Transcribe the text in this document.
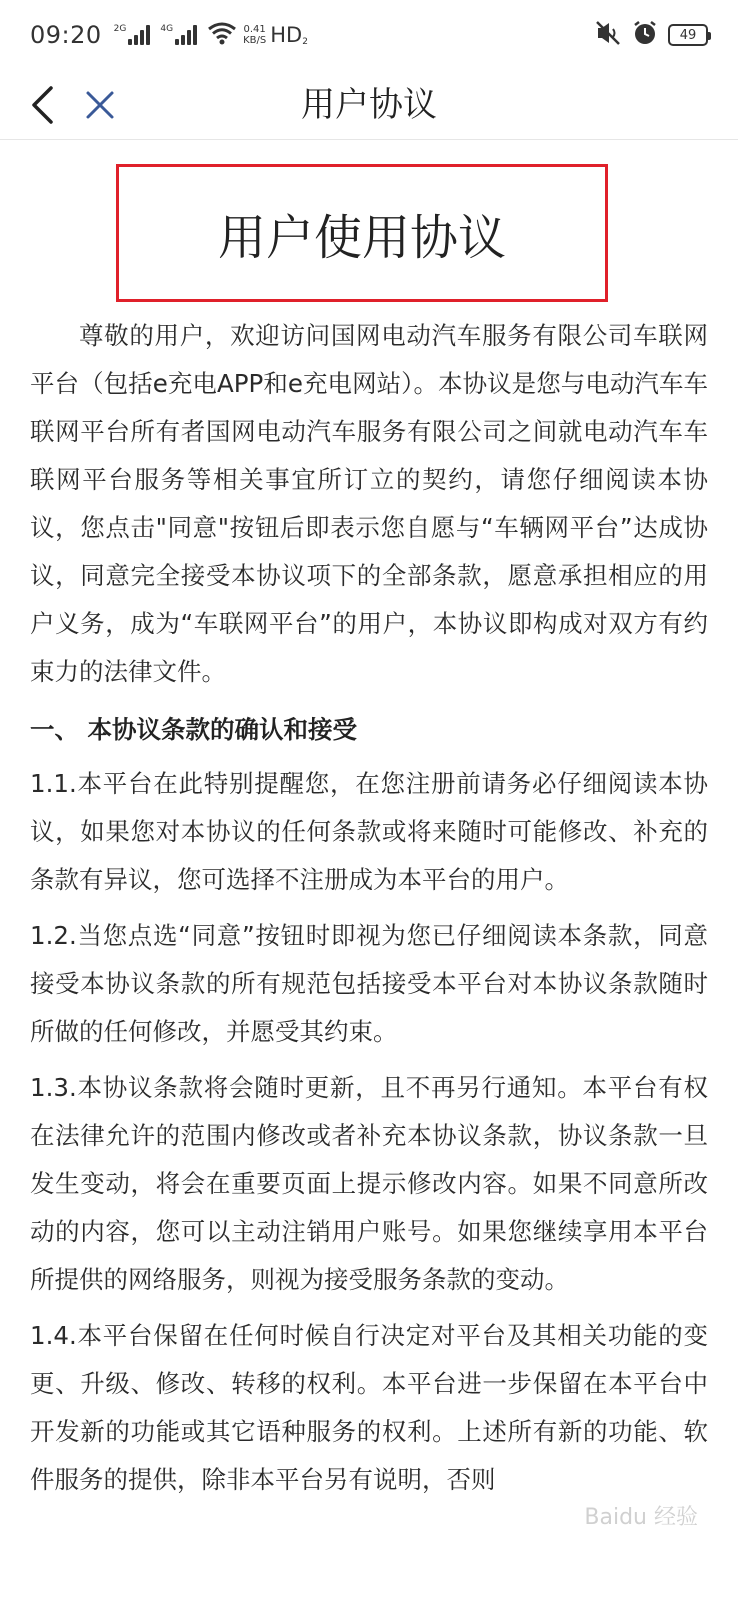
09:20 2G	4G	0.41
KB/S $HD_2$	49
用户协议
用户使用协议

尊敬的用户，欢迎访问国网电动汽车服务有限公司车联网平台（包括e充电APP和e充电网站）。本协议是您与电动汽车车联网平台所有者国网电动汽车服务有限公司之间就电动汽车车联网平台服务等相关事宜所订立的契约，请您仔细阅读本协议，您点击"同意"按钮后即表示您自愿与“车辆网平台”达成协议，同意完全接受本协议项下的全部条款，愿意承担相应的用户义务，成为“车联网平台”的用户，本协议即构成对双方有约束力的法律文件。

一、 本协议条款的确认和接受

1.1.本平台在此特别提醒您，在您注册前请务必仔细阅读本协议，如果您对本协议的任何条款或将来随时可能修改、补充的条款有异议，您可选择不注册成为本平台的用户。

1.2.当您点选“同意”按钮时即视为您已仔细阅读本条款，同意接受本协议条款的所有规范包括接受本平台对本协议条款随时所做的任何修改，并愿受其约束。

1.3.本协议条款将会随时更新，且不再另行通知。本平台有权在法律允许的范围内修改或者补充本协议条款，协议条款一旦发生变动，将会在重要页面上提示修改内容。如果不同意所改动的内容，您可以主动注销用户账号。如果您继续享用本平台所提供的网络服务，则视为接受服务条款的变动。

1.4.本平台保留在任何时候自行决定对平台及其相关功能的变更、升级、修改、转移的权利。本平台进一步保留在本平台中开发新的功能或其它语种服务的权利。上述所有新的功能、软件服务的提供，除非本平台另有说明，否则

Baidu 经验
